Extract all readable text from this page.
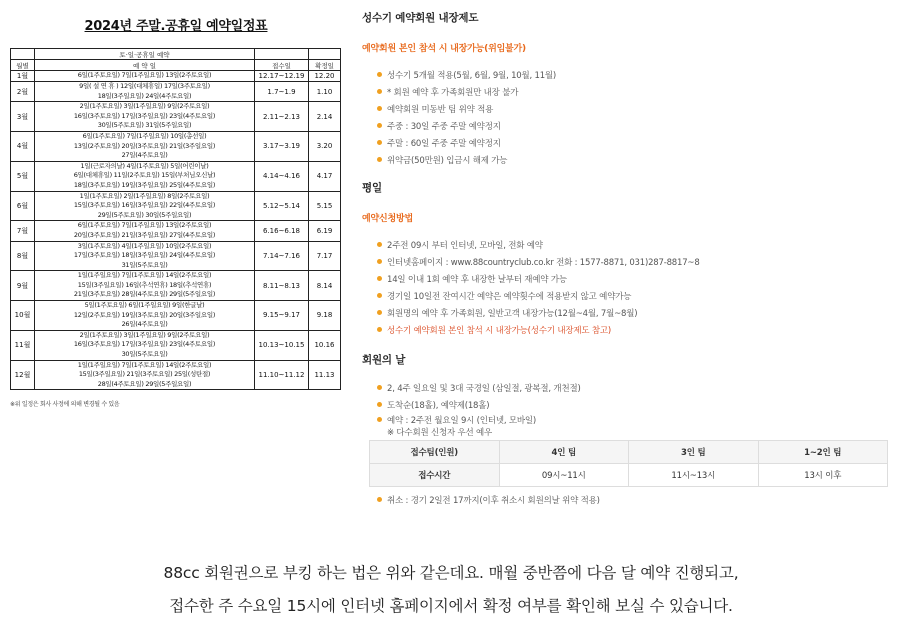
2024년 주말.공휴일 예약일정표
	토·일·공휴일 예약		
월별	예 약 일	접수일	확정일
1월	6일(1주토요일) 7일(1주일요일) 13일(2주토요일)	12.17~12.19	12.20
2월	9일( 설 연 휴 ) 12일(대체휴일) 17일(3주토요일)
18일(3주일요일) 24일(4주토요일)	1.7~1.9	1.10
3월	2일(1주토요일) 3일(1주일요일) 9일(2주토요일)
16일(3주토요일) 17일(3주일요일) 23일(4주토요일)
30일(5주토요일) 31일(5주일요일)	2.11~2.13	2.14
4월	6일(1주토요일) 7일(1주일요일) 10일(총선일)
13일(2주토요일) 20일(3주토요일) 21일(3주일요일)
27일(4주토요일)	3.17~3.19	3.20
5월	1일(근로자의날) 4일(1주토요일) 5일(어린이날)
6일(대체휴일) 11일(2주토요일) 15일(부처님오신날)
18일(3주토요일) 19일(3주일요일) 25일(4주토요일)	4.14~4.16	4.17
6월	1일(1주토요일) 2일(1주일요일) 8일(2주토요일)
15일(3주토요일) 16일(3주일요일) 22일(4주토요일)
29일(5주토요일) 30일(5주일요일)	5.12~5.14	5.15
7월	6일(1주토요일) 7일(1주일요일) 13일(2주토요일)
20일(3주토요일) 21일(3주일요일) 27일(4주토요일)	6.16~6.18	6.19
8월	3일(1주토요일) 4일(1주일요일) 10일(2주토요일)
17일(3주토요일) 18일(3주일요일) 24일(4주토요일)
31일(5주토요일)	7.14~7.16	7.17
9월	1일(1주일요일) 7일(1주토요일) 14일(2주토요일)
15일(3주일요일) 16일(추석연휴) 18일(추석연휴)
21일(3주토요일) 28일(4주토요일) 29일(5주일요일)	8.11~8.13	8.14
10월	5일(1주토요일) 6일(1주일요일) 9일(한글날)
12일(2주토요일) 19일(3주토요일) 20일(3주일요일)
26일(4주토요일)	9.15~9.17	9.18
11월	2일(1주토요일) 3일(1주일요일) 9일(2주토요일)
16일(3주토요일) 17일(3주일요일) 23일(4주토요일)
30일(5주토요일)	10.13~10.15	10.16
12월	1일(1주일요일) 7일(1주토요일) 14일(2주토요일)
15일(3주일요일) 21일(3주토요일) 25일(성탄절)
28일(4주토요일) 29일(5주일요일)	11.10~11.12	11.13
※위 일정은 회사 사정에 의해 변경될 수 있음
성수기 예약회원 내장제도
예약회원 본인 참석 시 내장가능(위임불가)
성수기 5개월 적용(5월, 6월, 9월, 10월, 11월)
* 회원 예약 후 가족회원만 내장 불가
예약회원 미동반 팀 위약 적용
주중 : 30일 주중 주말 예약정지
주말 : 60일 주중 주말 예약정지
위약금(50만원) 입금시 해제 가능
평일
예약신청방법
2주전 09시 부터 인터넷, 모바일, 전화 예약
인터넷홈페이지 : www.88countryclub.co.kr 전화 : 1577-8871, 031)287-8817~8
14일 이내 1회 예약 후 내장한 날부터 재예약 가능
경기일 10일전 잔여시간 예약은 예약횟수에 적용받지 않고 예약가능
회원명의 예약 후 가족회원, 일반고객 내장가능(12월~4월, 7월~8월)
성수기 예약회원 본인 참석 시 내장가능(성수기 내장제도 참고)
회원의 날
2, 4주 일요일 및 3대 국경일 (삼일절, 광복절, 개천절)
도착순(18홀), 예약제(18홀)
예약 : 2주전 월요일 9시 (인터넷, 모바일)
※ 다수회원 신청자 우선 예우
접수팀(인원)	4인 팀	3인 팀	1~2인 팀
접수시간	09시~11시	11시~13시	13시 이후
취소 : 경기 2일전 17까지(이후 취소시 회원의날 위약 적용)
88cc 회원권으로 부킹 하는 법은 위와 같은데요. 매월 중반쯤에 다음 달 예약 진행되고,
접수한 주 수요일 15시에 인터넷 홈페이지에서 확정 여부를 확인해 보실 수 있습니다.
